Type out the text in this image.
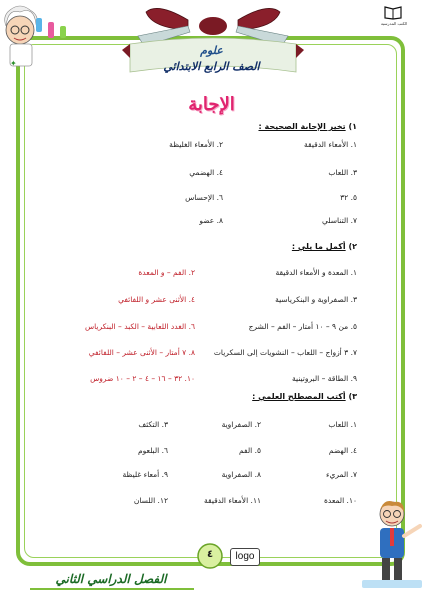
✦
الكتب المدرسية
علوم
الصف الرابع الابتدائي
الإجابة
١) تخير الإجابة الصحيحة :
١. الأمعاء الدقيقة
٢. الأمعاء الغليظة
٣. اللعاب
٤. الهضمي
٥. ٣٢
٦. الإحساس
٧. التناسلي
٨. عضو
٢) أكمل ما يلي :
١. المعدة و الأمعاء الدقيقة
٢. الفم – و المعدة
٣. الصفراوية و البنكرياسية
٤. الأثنى عشر و اللفائفي
٥. من ٩ – ١٠ أمتار – الفم – الشرج
٦. الغدد اللعابية – الكبد – البنكرياس
٧. ٣ أزواج – اللعاب – النشويات إلى السكريات
٨. ٧ أمتار – الأثنى عشر – اللفائفي
٩. الطاقة – البروتينية
١٠. ٣٢ – ١٦ – ٤ – ٢ – ١٠ ضروس
٣) أكتب المصطلح العلمي :
١. اللعاب
٢. الصفراوية
٣. التكثف
٤. الهضم
٥. الفم
٦. البلعوم
٧. المريء
٨. الصفراوية
٩. أمعاء غليظة
١٠. المعدة
١١. الأمعاء الدقيقة
١٢. اللسان
٤	logo
الفصل الدراسي الثاني
